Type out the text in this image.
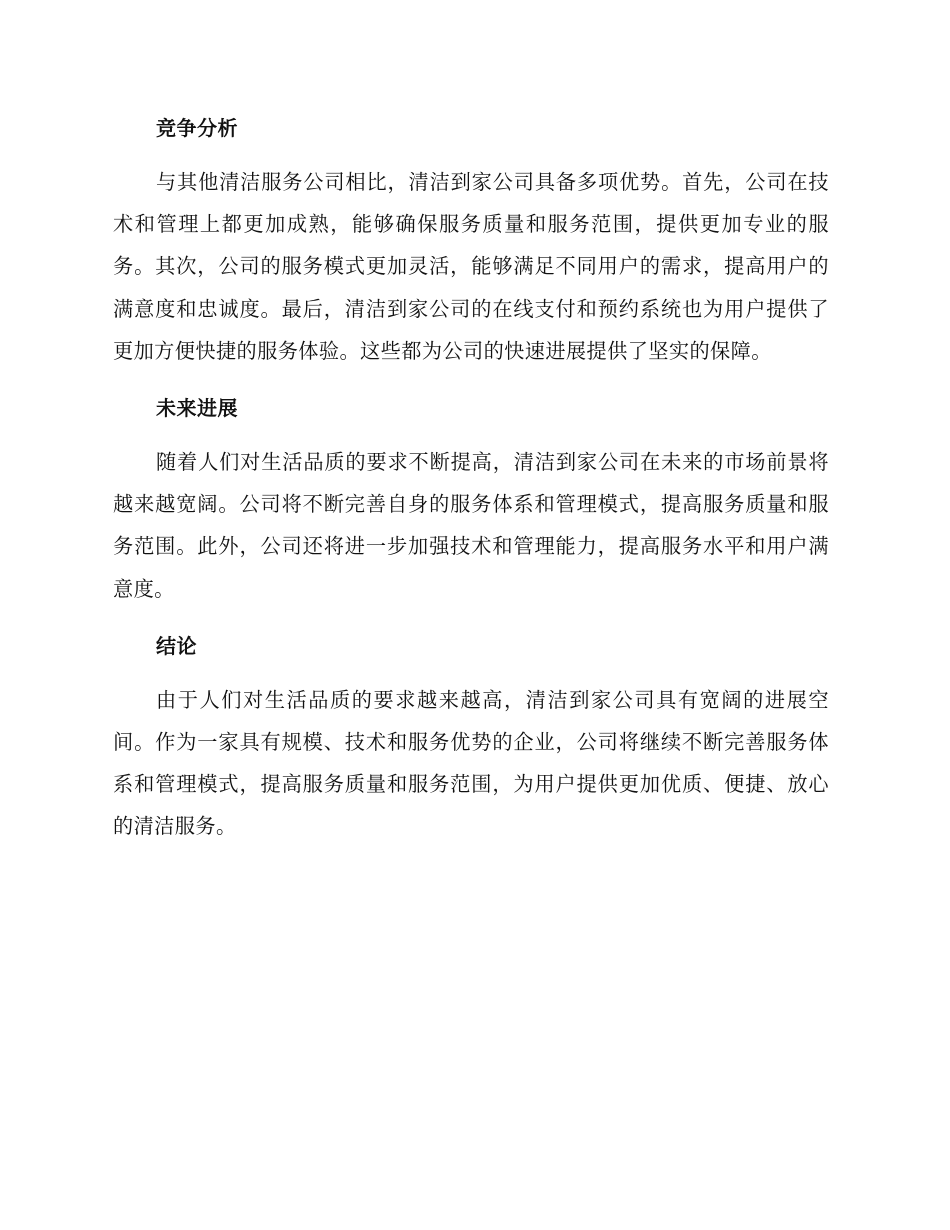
竞争分析

与其他清洁服务公司相比，清洁到家公司具备多项优势。首先，公司在技术和管理上都更加成熟，能够确保服务质量和服务范围，提供更加专业的服务。其次，公司的服务模式更加灵活，能够满足不同用户的需求，提高用户的满意度和忠诚度。最后，清洁到家公司的在线支付和预约系统也为用户提供了更加方便快捷的服务体验。这些都为公司的快速进展提供了坚实的保障。

未来进展

随着人们对生活品质的要求不断提高，清洁到家公司在未来的市场前景将越来越宽阔。公司将不断完善自身的服务体系和管理模式，提高服务质量和服务范围。此外，公司还将进一步加强技术和管理能力，提高服务水平和用户满意度。

结论

由于人们对生活品质的要求越来越高，清洁到家公司具有宽阔的进展空间。作为一家具有规模、技术和服务优势的企业，公司将继续不断完善服务体系和管理模式，提高服务质量和服务范围，为用户提供更加优质、便捷、放心的清洁服务。
